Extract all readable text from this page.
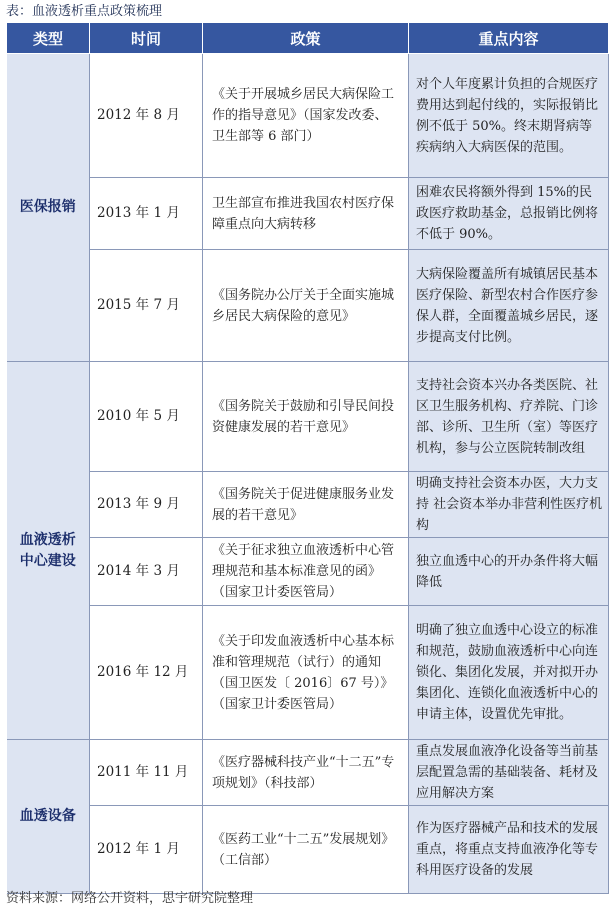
表：血液透析重点政策梳理
类型	时间	政策	重点内容

医保报销	2012 年 8 月	《关于开展城乡居民大病保险工作的指导意见》（国家发改委、卫生部等 6 部门）	对个人年度累计负担的合规医疗费用达到起付线的，实际报销比例不低于 50%。终末期肾病等疾病纳入大病医保的范围。
	2013 年 1 月	卫生部宣布推进我国农村医疗保障重点向大病转移	困难农民将额外得到 15%的民政医疗救助基金，总报销比例将不低于 90%。
	2015 年 7 月	《国务院办公厅关于全面实施城乡居民大病保险的意见》	大病保险覆盖所有城镇居民基本医疗保险、新型农村合作医疗参保人群，全面覆盖城乡居民，逐步提高支付比例。

血液透析
中心建设	2010 年 5 月	《国务院关于鼓励和引导民间投资健康发展的若干意见》	支持社会资本兴办各类医院、社区卫生服务机构、疗养院、门诊部、诊所、卫生所（室）等医疗机构，参与公立医院转制改组
	2013 年 9 月	《国务院关于促进健康服务业发展的若干意见》	明确支持社会资本办医，大力支持 社会资本举办非营利性医疗机构
	2014 年 3 月	《关于征求独立血液透析中心管理规范和基本标准意见的函》（国家卫计委医管局）	独立血透中心的开办条件将大幅降低
	2016 年 12 月	《关于印发血液透析中心基本标准和管理规范（试行）的通知（国卫医发〔 2016〕67 号）》（国家卫计委医管局）	明确了独立血透中心设立的标准和规范，鼓励血液透析中心向连锁化、集团化发展，并对拟开办集团化、连锁化血液透析中心的申请主体，设置优先审批。

血透设备	2011 年 11 月	《医疗器械科技产业“十二五”专项规划》（科技部）	重点发展血液净化设备等当前基层配置急需的基础装备、耗材及应用解决方案
	2012 年 1 月	《医药工业“十二五”发展规划》（工信部）	作为医疗器械产品和技术的发展重点，将重点支持血液净化等专科用医疗设备的发展
资料来源：网络公开资料，思宇研究院整理
